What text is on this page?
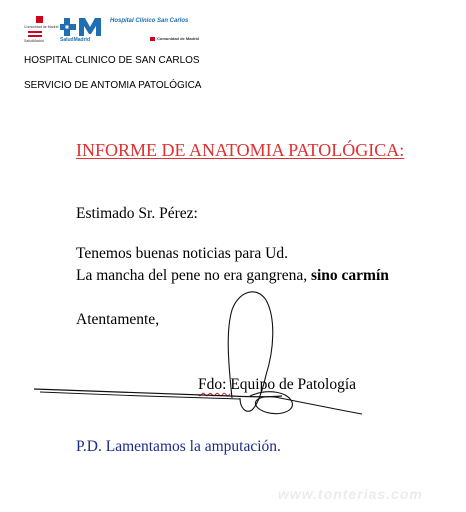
Comunidad de Madrid
SaludMadrid	SaludMadrid
Hospital Clínico San Carlos
Comunidad de Madrid
HOSPITAL CLINICO DE SAN CARLOS
SERVICIO DE ANTOMIA PATOLÓGICA
INFORME DE ANATOMIA PATOLÓGICA:
Estimado Sr. Pérez:
Tenemos buenas noticias para Ud.
La mancha del pene no era gangrena, sino carmín
Atentamente,
Fdo: Equipo de Patología
P.D. Lamentamos la amputación.
www.tonterias.com
